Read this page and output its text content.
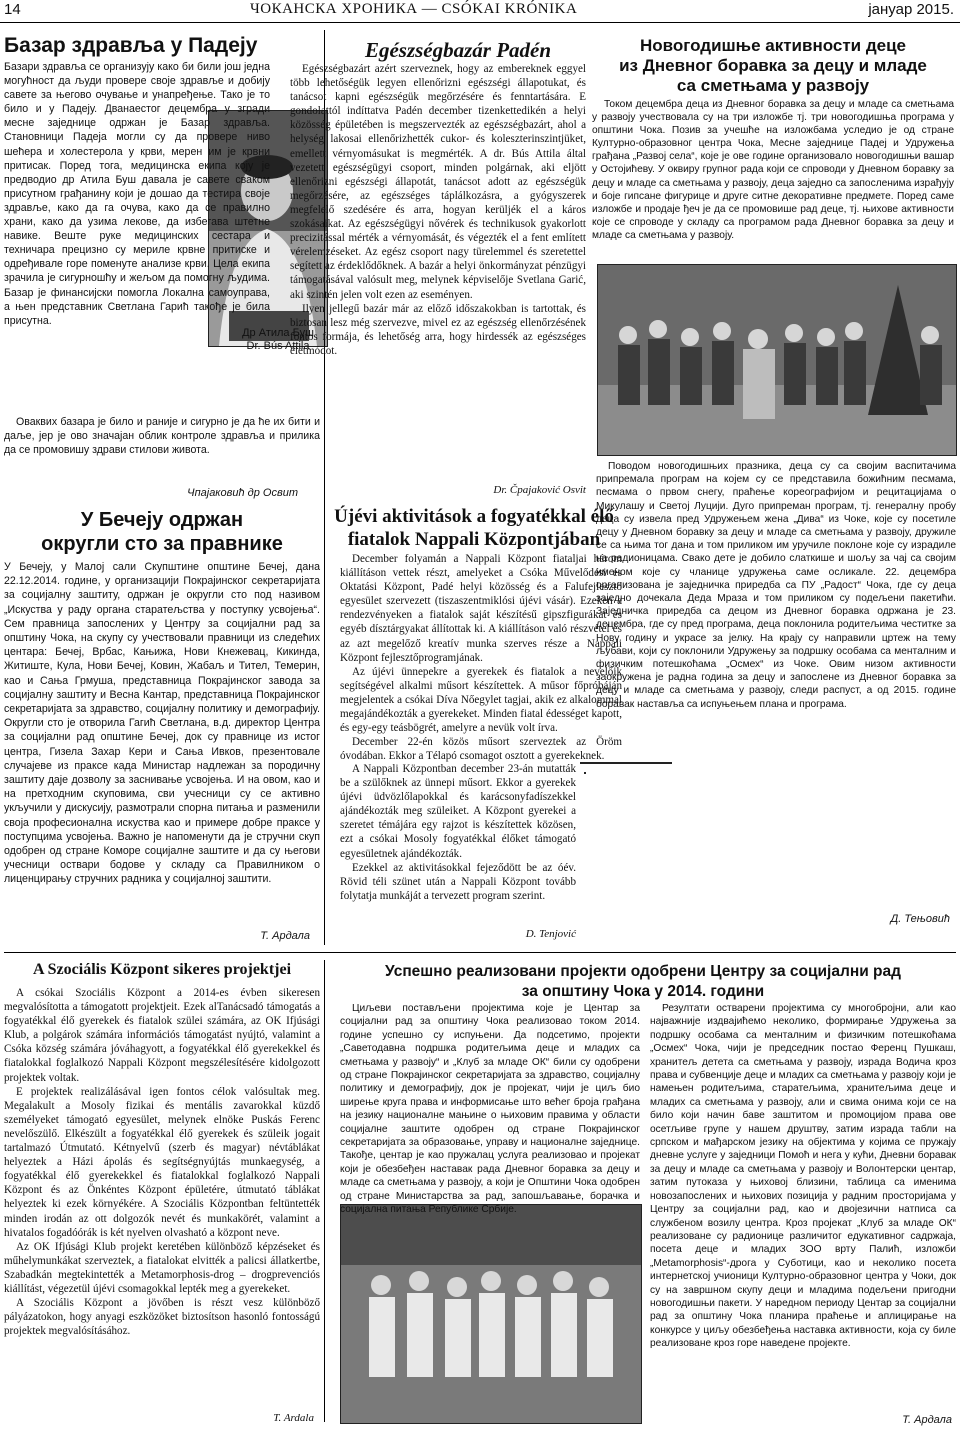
14	ЧОКАНСКА ХРОНИКА — CSÓKAI KRÓNIKA	јануар 2015.
Базар здравља у Падеју

Базари здравља се организују како би били још једна могућност да људи провере своје здравље и добију савете за његово очување и унапређење. Тако је то било и у Падеју. Дванаестог децембра у згради месне заједнице одржан је Базар здравља. Становници Падеја могли су да провере ниво шећера и холестерола у крви, мерен им је крвни притисак. Поред тога, медицинска екипа коју је предводио др Атила Буш давала је савете сваком присутном грађанину који је дошао да тестира своје здравље, како да га очува, како да се правилно храни, како да узима лекове, да избегава штетне навике. Веште руке медицинских сестара и техничара прецизно су мериле крвне притиске и одређивале горе поменуте анализе крви. Цела екипа зрачила је сигурношћу и жељом да помогну људима. Базар је финансијски помогла Локална самоуправа, а њен представник Светлана Гарић такође је била присутна.

Др Атила Буш
Dr. Bús Attila

Оваквих базара је било и раније и сигурно је да ће их бити и даље, јер је ово значајан облик контроле здравља и прилика да се промовишу здрави стилови живота.

Чпајаковић др Освит
У Бечеју одржан
округли сто за правнике

У Бечеју, у Малој сали Скупштине општине Бечеј, дана 22.12.2014. године, у организацији Покрајинског секретаријата за социјалну заштиту, одржан је округли сто под називом „Искуства у раду органа старатељства у поступку усвојења“. Сем правница запослених у Центру за социјални рад за општину Чока, на скупу су учествовали правници из следећих центара: Бечеј, Врбас, Кањижа, Нови Кнежевац, Кикинда, Житиште, Кула, Нови Бечеј, Ковин, Жабаљ и Тител, Темерин, као и Сања Грмуша, представница Покрајинског завода за социјалну заштиту и Весна Кантар, представница Покрајинског секретаријата за здравство, социјалну политику и демографију. Округли сто је отворила Гагић Светлана, в.д. директор Центра за социјални рад општине Бечеј, док су правнице из истог центра, Гизела Захар Кери и Сања Ивков, презентовале случајеве из праксе када Министар надлежан за породичну заштиту даје дозволу за заснивање усвојења. И на овом, као и на претходним скуповима, сви учесници су се активно укључили у дискусију, размотрали спорна питања и разменили своја професионална искуства као и примере добре праксе у поступцима усвојења. Важно је напоменути да је стручни скуп одобрен од стране Коморе социјалне заштите и да су његови учесници оствари бодове у складу са Правилником о лиценцирању стручних радника у социјалној заштити.

Т. Ардала
Egészségbazár Padén

Egészségbazárt azért szerveznek, hogy az embereknek eggyel több lehetőségük legyen ellenőrizni egészségi állapotukat, és tanácsot kapni egészségük megőrzésére és fenntartására. E gondolattól indíttatva Padén december tizenkettedikén a helyi közösség épületében is megszervezték az egészségbazárt, ahol a helység lakosai ellenőrizhették cukor- és koleszterinszintjüket, emellett vérnyomásukat is megmérték. A dr. Bús Attila által vezetett egészségügyi csoport, minden polgárnak, aki eljött ellenőrizni egészségi állapotát, tanácsot adott az egészségük megőrzésére, az egészséges táplálkozásra, a gyógyszerek megfelelő szedésére és arra, hogyan kerüljék el a káros szokásaikat. Az egészségügyi nővérek és technikusok gyakorlott precizitással mérték a vérnyomását, és végezték el a fent említett vérelemzéseket. Az egész csoport nagy türelemmel és szeretettel segített az érdeklődőknek. A bazár a helyi önkormányzat pénzügyi támogatásával valósult meg, melynek képviselője Svetlana Garić, aki szintén jelen volt ezen az eseményen.

Ilyen jellegű bazár már az előző időszakokban is tartottak, és biztosan lesz még szervezve, mivel ez az egészség ellenőrzésének fontos formája, és lehetőség arra, hogy hirdessék az egészséges életmódot.

Dr. Čpajaković Osvit
Újévi aktivitások a fogyatékkal élő
fiatalok Nappali Központjában

December folyamán a Nappali Központ fiataljai három kiállításon vettek részt, amelyeket a Csóka Művelődési és Oktatási Központ, Padé helyi közösség és a Falufejlesztő egyesület szervezett (tiszaszentmiklósi újévi vásár). Ezeken a rendezvényeken a fiatalok saját készítésű gipszfigurákat és egyéb dísztárgyakat állítottak ki. A kiállításon való részvétel és az azt megelőző kreatív munka szerves része a Nappali Központ fejlesztőprogramjának.

Az újévi ünnepekre a gyerekek és fiatalok a nevelőik segítségével alkalmi műsort készítettek. A műsor főpróbáján megjelentek a csókai Díva Nőegylet tagjai, akik ez alkalommal megajándékozták a gyerekeket. Minden fiatal édességet kapott, és egy-egy teásbögrét, amelyre a nevük volt írva.

December 22-én közös műsort szerveztek az Öröm óvodában. Ekkor a Télapó csomagot osztott a gyerekeknek.

A Nappali Központban december 23-án mutatták be a szülőknek az ünnepi műsort. Ekkor a gyerekek újévi üdvözlőlapokkal és karácsonyfadíszekkel ajándékozták meg szüleiket. A Központ gyerekei a szeretet témájára egy rajzot is készítettek közösen, ezt a csókai Mosoly fogyatékkal élőket támogató egyesületnek ajándékozták.

Ezekkel az aktivitásokkal fejeződött be az óév. Rövid téli szünet után a Nappali Központ tovább folytatja munkáját a tervezett program szerint.

D. Tenjović
Новогодишње активности деце
из Дневног боравка за децу и младе
са сметњама у развоју

Током децембра деца из Дневног боравка за децу и младе са сметњама у развоју учествовала су на три изложбе тј. три новогодишња програма у општини Чока. Позив за учешће на изложбама уследио је од стране Културно-образовног центра Чока, Месне заједнице Падеј и Удружења грађана „Развој села“, које је ове године организовало новогодишњи вашар у Остојићеву. У оквиру групног рада који се спроводи у Дневном боравку за децу и младе са сметњама у развоју, деца заједно са запосленима израђују и боје гипсане фигурице и друге ситне декоративне предмете. Поред саме изложбе и продаје ђеч је да се промовише рад деце, тј. њихове активности које се спроводе у складу са програмом рада Дневног боравка за децу и младе са сметњама у развоју.

Поводом новогодишњих празника, деца су са својим васпитачима припремала програм на којем су се представила божићним песмама, песмама о првом снегу, праћење кореографијом и рецитацијама о Микулашу и Светој Луцији. Дуго припреман програм, тј. генералну пробу деца су извела пред Удружењем жена „Дива“ из Чоке, које су посетиле децу у Дневном боравку за децу и младе са сметњама у развоју, дружиле се са њима тог дана и том приликом им уручиле поклоне које су израдиле на радионицама. Свако дете је добило слаткише и шољу за чај са својим именом које су чланице удружења саме осликале. 22. децембра организована је заједничка приредба са ПУ „Радост“ Чока, где су деца заједно дочекала Деда Мраза и том приликом су подељени пакетићи. Заједничка приредба са децом из Дневног боравка одржана је 23. децембра, где су пред програма, деца поклонила родитељима честитке за Нову годину и украсе за јелку. На крају су направили цртеж на тему љубави, који су поклонили Удружењу за подршку особама са менталним и физичким потешкоћама „Осмех“ из Чоке. Овим низом активности заокружена је радна година за децу и запослене из Дневног боравка за децу и младе са сметњама у развоју, следи распуст, а од 2015. године боравак наставља са испуњењем плана и програма.

Д. Тењовић
A Szociális Központ sikeres projektjei

A csókai Szociális Központ a 2014-es évben sikeresen megvalósította a támogatott projektjeit. Ezek alTanácsadó támogatás a fogyatékkal élő gyerekek és fiatalok szülei számára, az OK Ifjúsági Klub, a polgárok számára információs támogatást nyújtó, valamint a Csóka község számára jóváhagyott, a fogyatékkal élő gyerekekkel és fiatalokkal foglalkozó Nappali Központ megszélesítésére kidolgozott projektek voltak.

E projektek realizálásával igen fontos célok valósultak meg. Megalakult a Mosoly fizikai és mentális zavarokkal küzdő személyeket támogató egyesület, melynek elnöke Puskás Ferenc nevelőszülő. Elkészült a fogyatékkal élő gyerekek és szüleik jogait tartalmazó Útmutató. Kétnyelvű (szerb és magyar) névtáblákat helyeztek a Házi ápolás és segítségnyújtás munkaegység, a fogyatékkal élő gyerekekkel és fiatalokkal foglalkozó Nappali Központ és az Önkéntes Központ épületére, útmutató táblákat helyeztek ki ezek környékére. A Szociális Központban feltüntették minden irodán az ott dolgozók nevét és munkakörét, valamint a hivatalos fogadóórák is két nyelven olvasható a központ neve.

Az OK Ifjúsági Klub projekt keretében különböző képzéseket és műhelymunkákat szerveztek, a fiatalokat elvitték a palicsi állatkertbe, Szabadkán megtekintették a Metamorphosis-drog – drogprevenciós kiállítást, végezetül újévi csomagokkal lepték meg a gyerekeket.

A Szociális Központ a jövőben is részt vesz különböző pályázatokon, hogy anyagi eszközöket biztosítson hasonló fontosságú projektek megvalósításához.

T. Ardala
Успешно реализовани пројекти одобрени Центру за социјални рад
за општину Чока у 2014. години

Циљеви постављени пројектима које је Центар за социјални рад за општину Чока реализовао током 2014. године успешно су испуњени. Да подсетимо, пројекти „Саветодавна подршка родитељима деце и младих са сметњама у развоју“ и „Клуб за младе ОК“ били су одобрени од стране Покрајинског секретаријата за здравство, социјалну политику и демографију, док је пројекат, чији је циљ био ширење круга права и информисање што већег броја грађана на језику националне мањине о њиховим правима у области социјалне заштите одобрен од стране Покрајинског секретаријата за образовање, управу и националне заједнице. Такође, центар је као пружалац услуга реализовао и пројекат који је обезбеђен наставак рада Дневног боравка за децу и младе са сметњама у развоју, а који је Општини Чока одобрен од стране Министарства за рад, запошљавање, борачка и социјална питања Републике Србије.

Резултати остварени пројектима су многобројни, али као најважније издвајићемо неколико, формирање Удружења за подршку особама са менталним и физичким потешкоћама „Осмех“ Чока, чији је председник постао Ференц Пушкаш, хранитељ детета са сметњама у развоју, израда Водича кроз права и субвенције деце и младих са сметњама у развоју који је намењен родитељима, старатељима, хранитељима деце и младих са сметњама у развоју, али и свима онима који се на било који начин баве заштитом и промоцијом права ове осетљиве групе у нашем друштву, затим израда табли на српском и мађарском језику на објектима у којима се пружају дневне услуге у заједници Помоћ и нега у кући, Дневни боравак за децу и младе са сметњама у развоју и Волонтерски центар, затим путоказа у њиховој близини, таблица са именима новозапослених и њихових позиција у радним просторијама у Центру за социјални рад, као и двојезични натписа са службеном возилу центра. Кроз пројекат „Клуб за младе ОК“ реализоване су радионице различитог едукативног садржаја, посета деце и младих ЗОО врту Палић, изложби „Metamorphosis“-дрога у Суботици, као и неколико посета интернетској учионици Културно-образовног центра у Чоки, док су на завршном скупу деци и младима подељени пригодни новогодишњи пакети. У наредном периоду Центар за социјални рад за општину Чока планира праћење и аплицирање на конкурсе у циљу обезбеђења наставка активности, која су биле реализоване кроз горе наведене пројекте.

Т. Ардала
